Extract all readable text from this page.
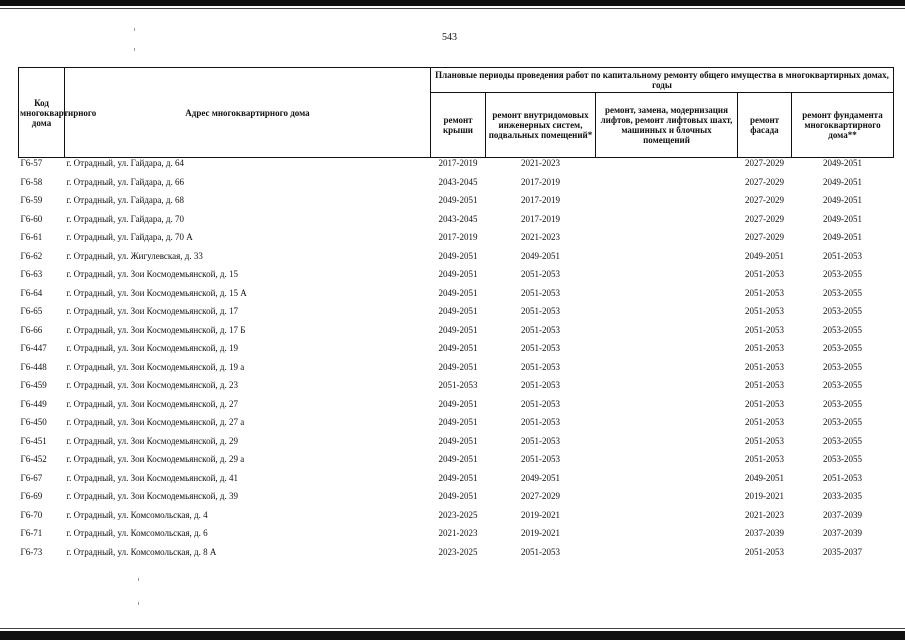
543
Код многоквартирного дома	Адрес многоквартирного дома	Плановые периоды проведения работ по капитальному ремонту общего имущества в многоквартирных домах, годы				
		ремонт крыши	ремонт внутридомовых инженерных систем, подвальных помещений*	ремонт, замена, модернизация лифтов, ремонт лифтовых шахт, машинных и блочных помещений	ремонт фасада	ремонт фундамента многоквартирного дома**
Г6-57	г. Отрадный, ул. Гайдара, д. 64	2017-2019	2021-2023		2027-2029	2049-2051
Г6-58	г. Отрадный, ул. Гайдара, д. 66	2043-2045	2017-2019		2027-2029	2049-2051
Г6-59	г. Отрадный, ул. Гайдара, д. 68	2049-2051	2017-2019		2027-2029	2049-2051
Г6-60	г. Отрадный, ул. Гайдара, д. 70	2043-2045	2017-2019		2027-2029	2049-2051
Г6-61	г. Отрадный, ул. Гайдара, д. 70 А	2017-2019	2021-2023		2027-2029	2049-2051
Г6-62	г. Отрадный, ул. Жигулевская, д. 33	2049-2051	2049-2051		2049-2051	2051-2053
Г6-63	г. Отрадный, ул. Зои Космодемьянской, д. 15	2049-2051	2051-2053		2051-2053	2053-2055
Г6-64	г. Отрадный, ул. Зои Космодемьянской, д. 15 А	2049-2051	2051-2053		2051-2053	2053-2055
Г6-65	г. Отрадный, ул. Зои Космодемьянской, д. 17	2049-2051	2051-2053		2051-2053	2053-2055
Г6-66	г. Отрадный, ул. Зои Космодемьянской, д. 17 Б	2049-2051	2051-2053		2051-2053	2053-2055
Г6-447	г. Отрадный, ул. Зои Космодемьянской, д. 19	2049-2051	2051-2053		2051-2053	2053-2055
Г6-448	г. Отрадный, ул. Зои Космодемьянской, д. 19 а	2049-2051	2051-2053		2051-2053	2053-2055
Г6-459	г. Отрадный, ул. Зои Космодемьянской, д. 23	2051-2053	2051-2053		2051-2053	2053-2055
Г6-449	г. Отрадный, ул. Зои Космодемьянской, д. 27	2049-2051	2051-2053		2051-2053	2053-2055
Г6-450	г. Отрадный, ул. Зои Космодемьянской, д. 27 а	2049-2051	2051-2053		2051-2053	2053-2055
Г6-451	г. Отрадный, ул. Зои Космодемьянской, д. 29	2049-2051	2051-2053		2051-2053	2053-2055
Г6-452	г. Отрадный, ул. Зои Космодемьянской, д. 29 а	2049-2051	2051-2053		2051-2053	2053-2055
Г6-67	г. Отрадный, ул. Зои Космодемьянской, д. 41	2049-2051	2049-2051		2049-2051	2051-2053
Г6-69	г. Отрадный, ул. Зои Космодемьянской, д. 39	2049-2051	2027-2029		2019-2021	2033-2035
Г6-70	г. Отрадный, ул. Комсомольская, д. 4	2023-2025	2019-2021		2021-2023	2037-2039
Г6-71	г. Отрадный, ул. Комсомольская, д. 6	2021-2023	2019-2021		2037-2039	2037-2039
Г6-73	г. Отрадный, ул. Комсомольская, д. 8 А	2023-2025	2051-2053		2051-2053	2035-2037
